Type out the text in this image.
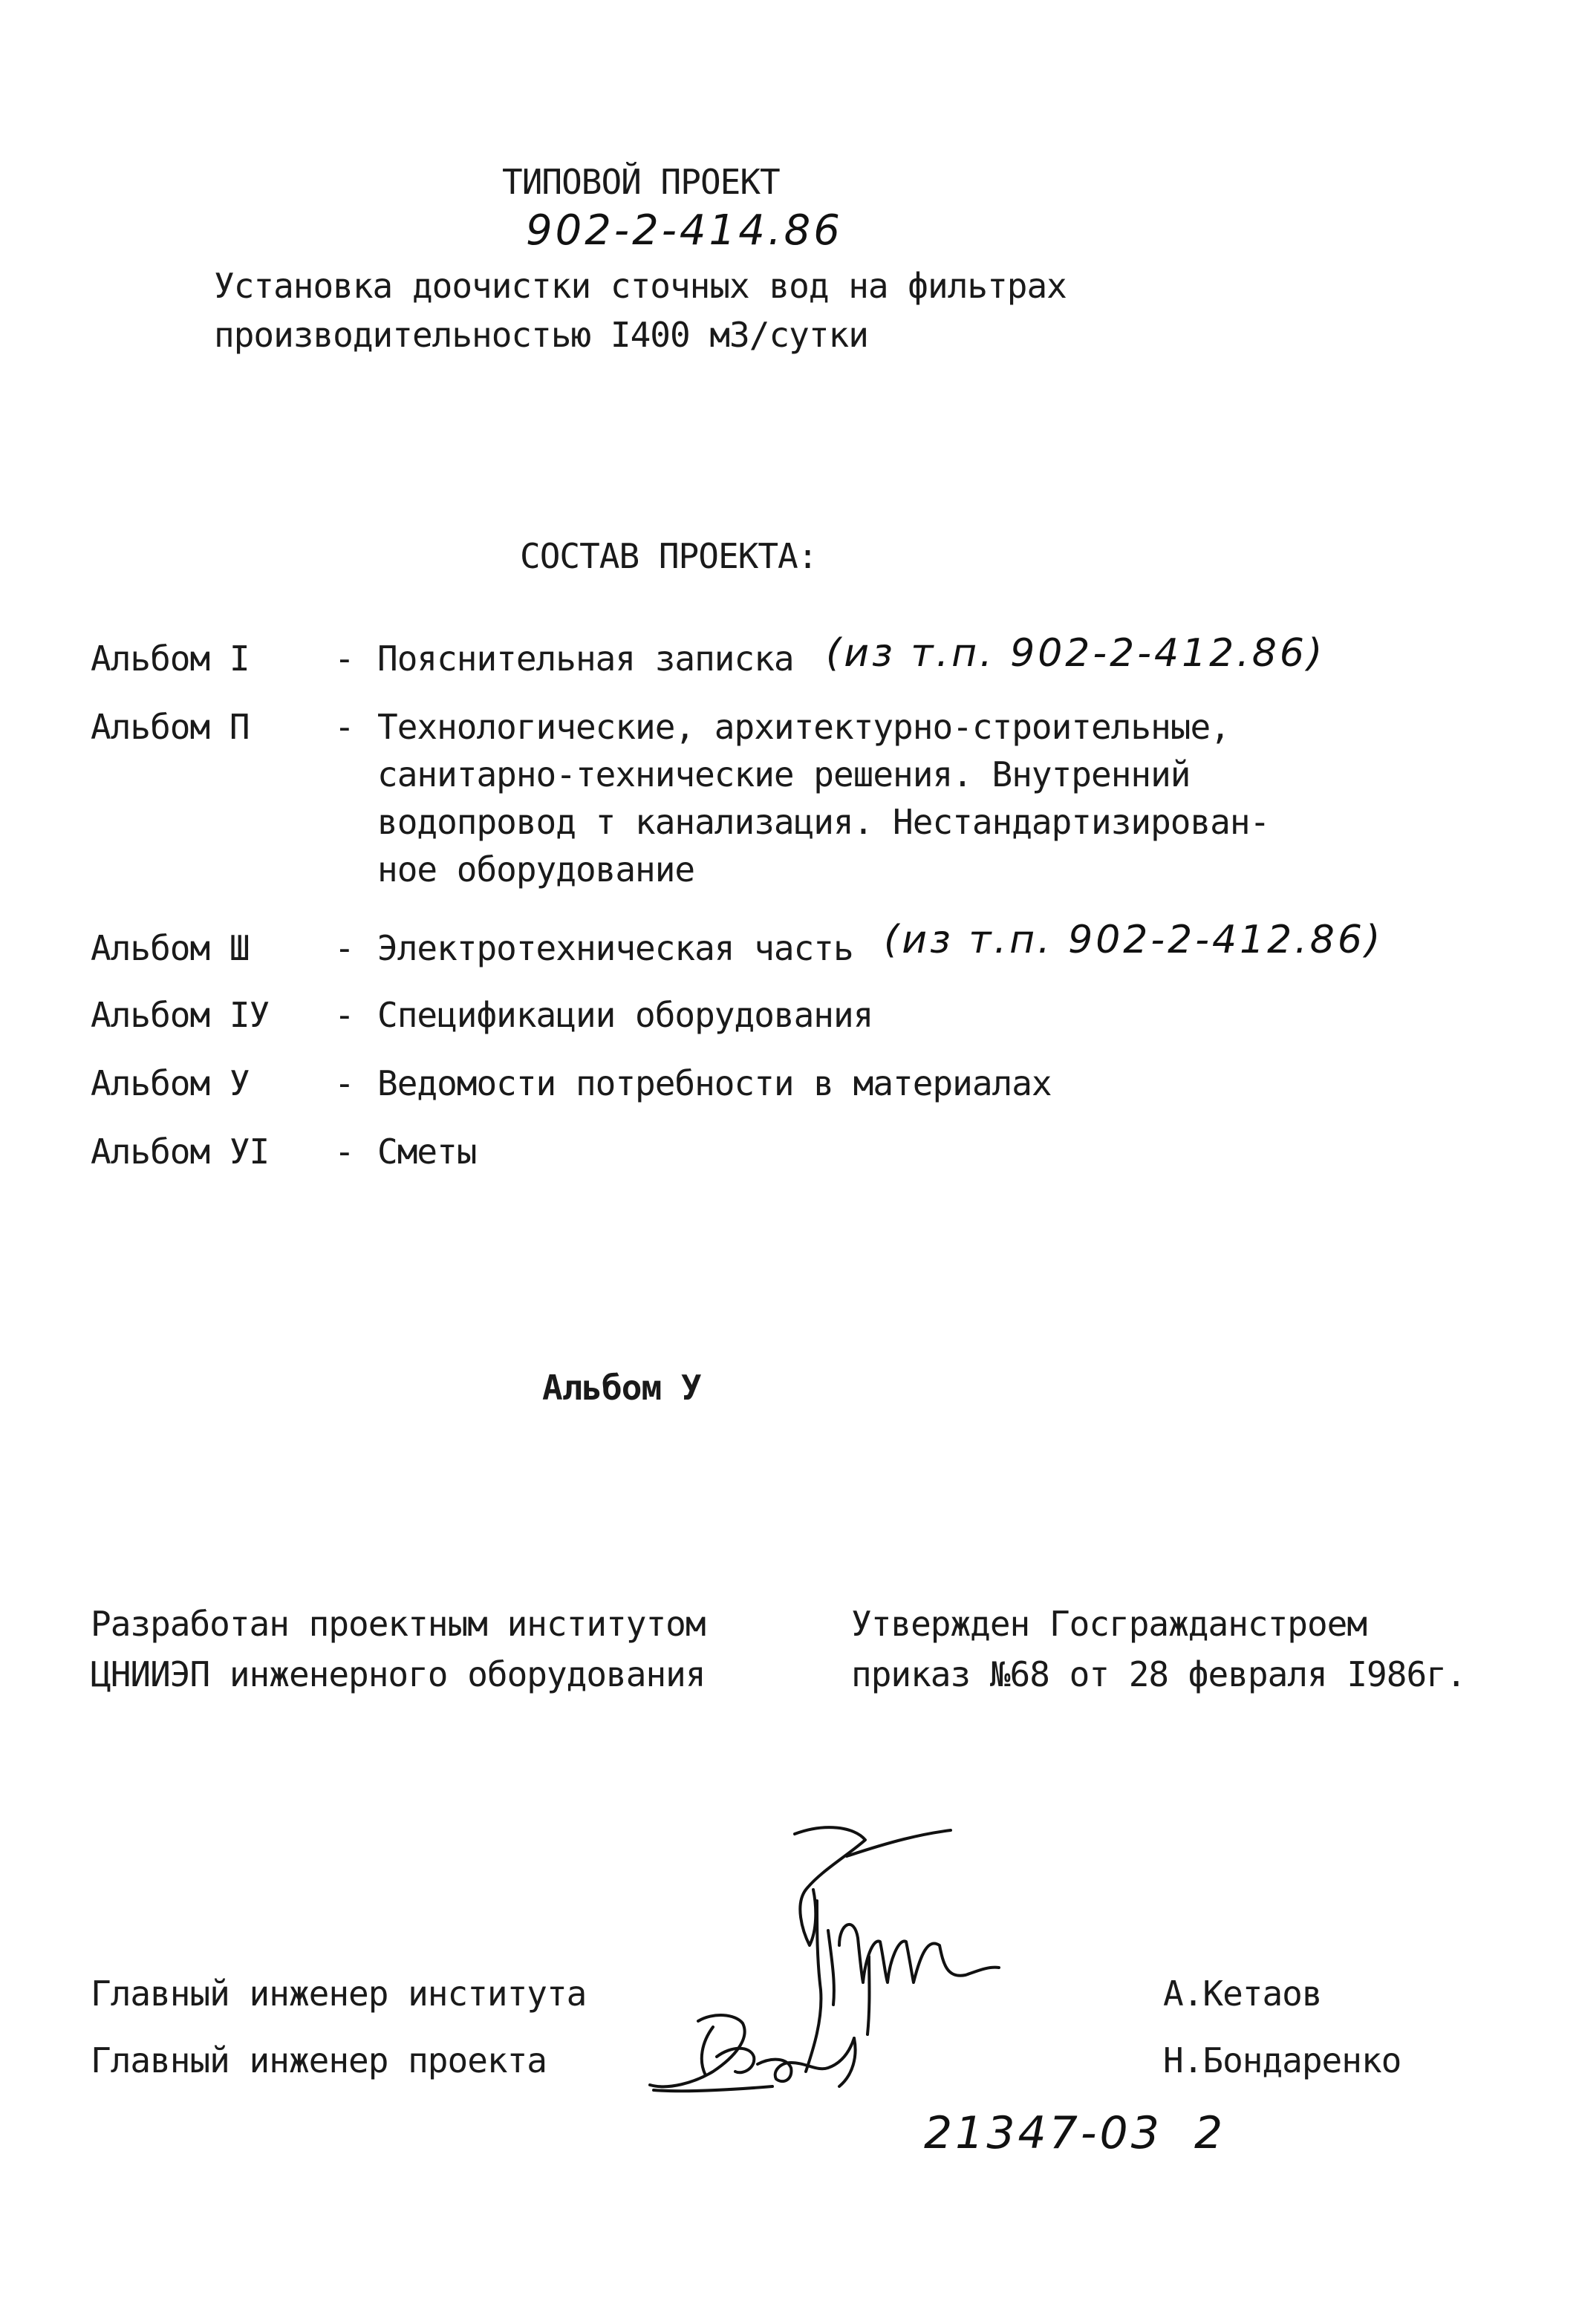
ТИПОВОЙ ПРОЕКТ
902-2-414.86
Установка доочистки сточных вод на фильтрах
производительностью I400 м3/сутки
СОСТАВ ПРОЕКТА:
Альбом I - Пояснительная записка (из т.п. 902-2-412.86)
Альбом П - Технологические, архитектурно-строительные,
санитарно-технические решения. Внутренний
водопровод т канализация. Нестандартизирован-
ное оборудование
Альбом Ш - Электротехническая часть (из т.п. 902-2-412.86)
Альбом IУ - Спецификации оборудования
Альбом У - Ведомости потребности в материалах
Альбом УI - Сметы
Альбом У
Разработан проектным институтом
ЦНИИЭП инженерного оборудования
Утвержден Госгражданстроем
приказ №68 от 28 февраля I986г.
Главный инженер института	А.Кетаов
Главный инженер проекта	Н.Бондаренко
21347-03 2
